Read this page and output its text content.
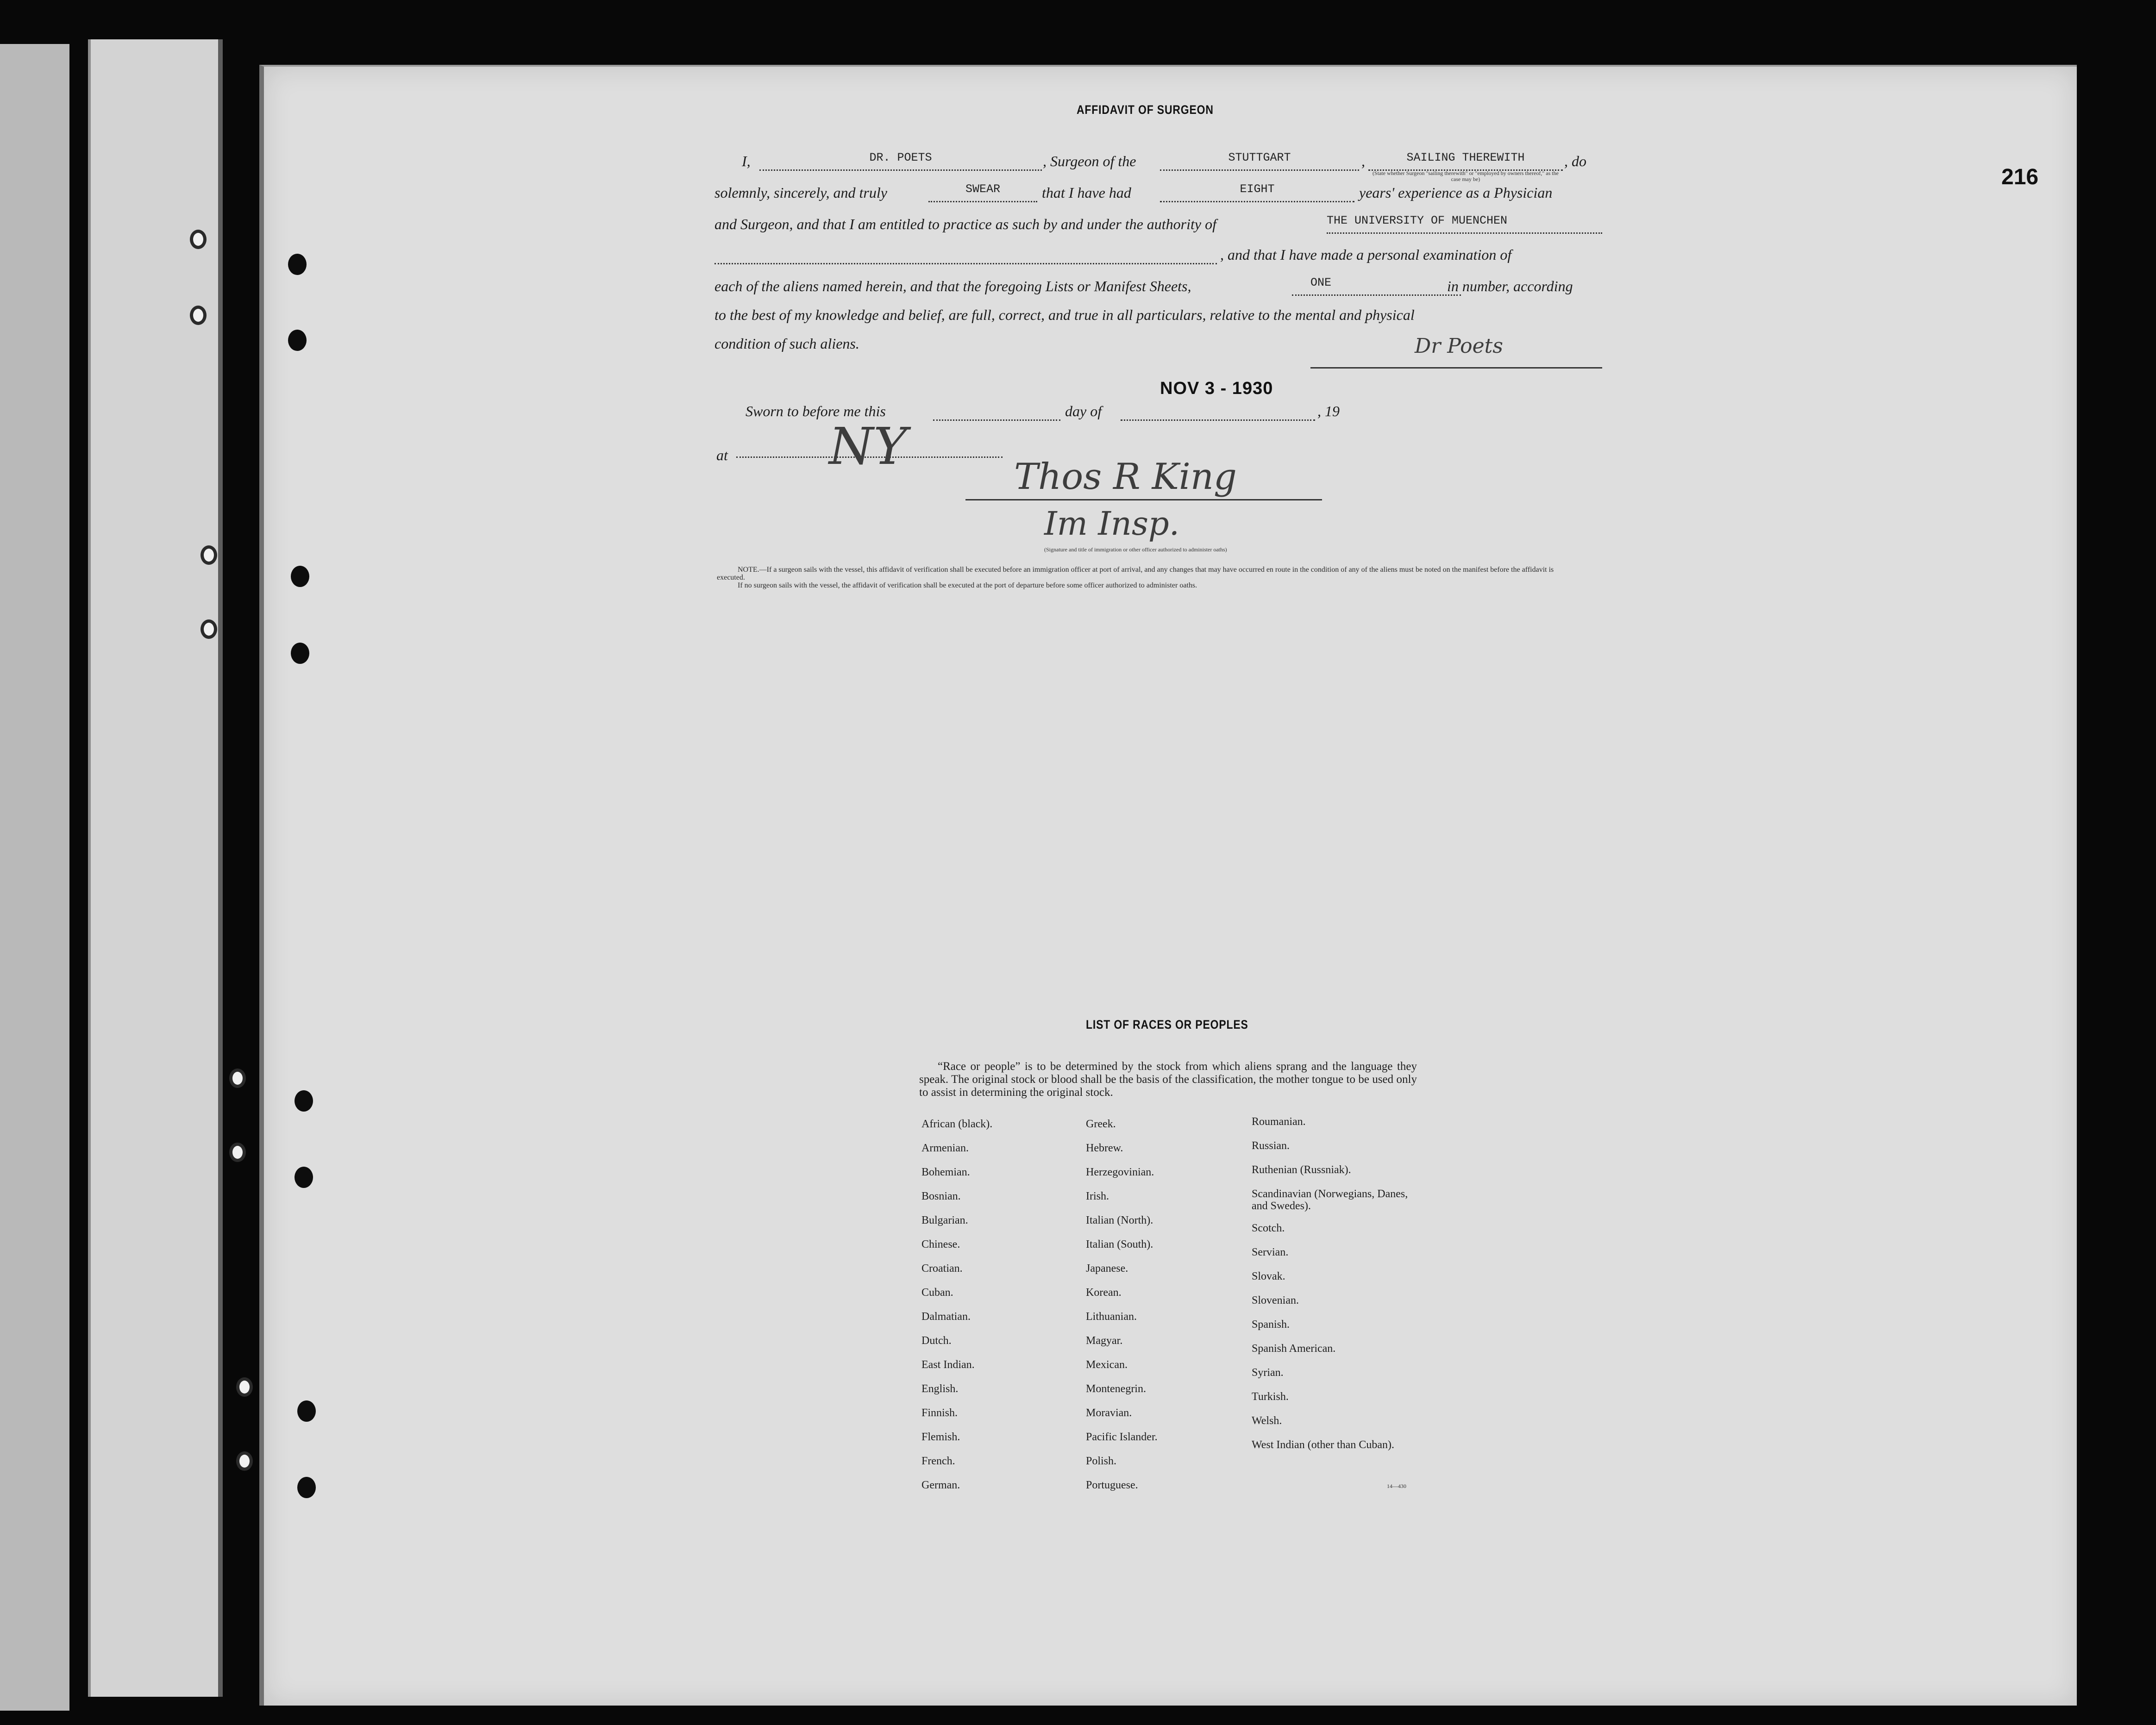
216
AFFIDAVIT OF SURGEON
I,	DR. POETS	, Surgeon of the	STUTTGART	,	SAILING THEREWITH	, do
(State whether Surgeon "sailing therewith" or "employed by owners thereof," as the case may be)
solemnly, sincerely, and truly	SWEAR	that I have had	EIGHT	years' experience as a Physician
and Surgeon, and that I am entitled to practice as such by and under the authority of	THE UNIVERSITY OF MUENCHEN
, and that I have made a personal examination of
each of the aliens named herein, and that the foregoing Lists or Manifest Sheets,	ONE	in number, according
to the best of my knowledge and belief, are full, correct, and true in all particulars, relative to the mental and physical
condition of such aliens.	Dr Poets
NOV 3 - 1930
Sworn to before me this	day of	, 19
at NY
Thos R King
Im Insp.
(Signature and title of immigration or other officer authorized to administer oaths)
NOTE.—If a surgeon sails with the vessel, this affidavit of verification shall be executed before an immigration officer at port of arrival, and any changes that may have occurred en route in the condition of any of the aliens must be noted on the manifest before the affidavit is executed.
If no surgeon sails with the vessel, the affidavit of verification shall be executed at the port of departure before some officer authorized to administer oaths.
LIST OF RACES OR PEOPLES
“Race or people” is to be determined by the stock from which aliens sprang and the language they speak. The original stock or blood shall be the basis of the classification, the mother tongue to be used only to assist in determining the original stock.
African (black).
Armenian.
Bohemian.
Bosnian.
Bulgarian.
Chinese.
Croatian.
Cuban.
Dalmatian.
Dutch.
East Indian.
English.
Finnish.
Flemish.
French.
German.
Greek.
Hebrew.
Herzegovinian.
Irish.
Italian (North).
Italian (South).
Japanese.
Korean.
Lithuanian.
Magyar.
Mexican.
Montenegrin.
Moravian.
Pacific Islander.
Polish.
Portuguese.
Roumanian.
Russian.
Ruthenian (Russniak).
Scandinavian (Norwegians, Danes, and Swedes).
Scotch.
Servian.
Slovak.
Slovenian.
Spanish.
Spanish American.
Syrian.
Turkish.
Welsh.
West Indian (other than Cuban).
14—430
